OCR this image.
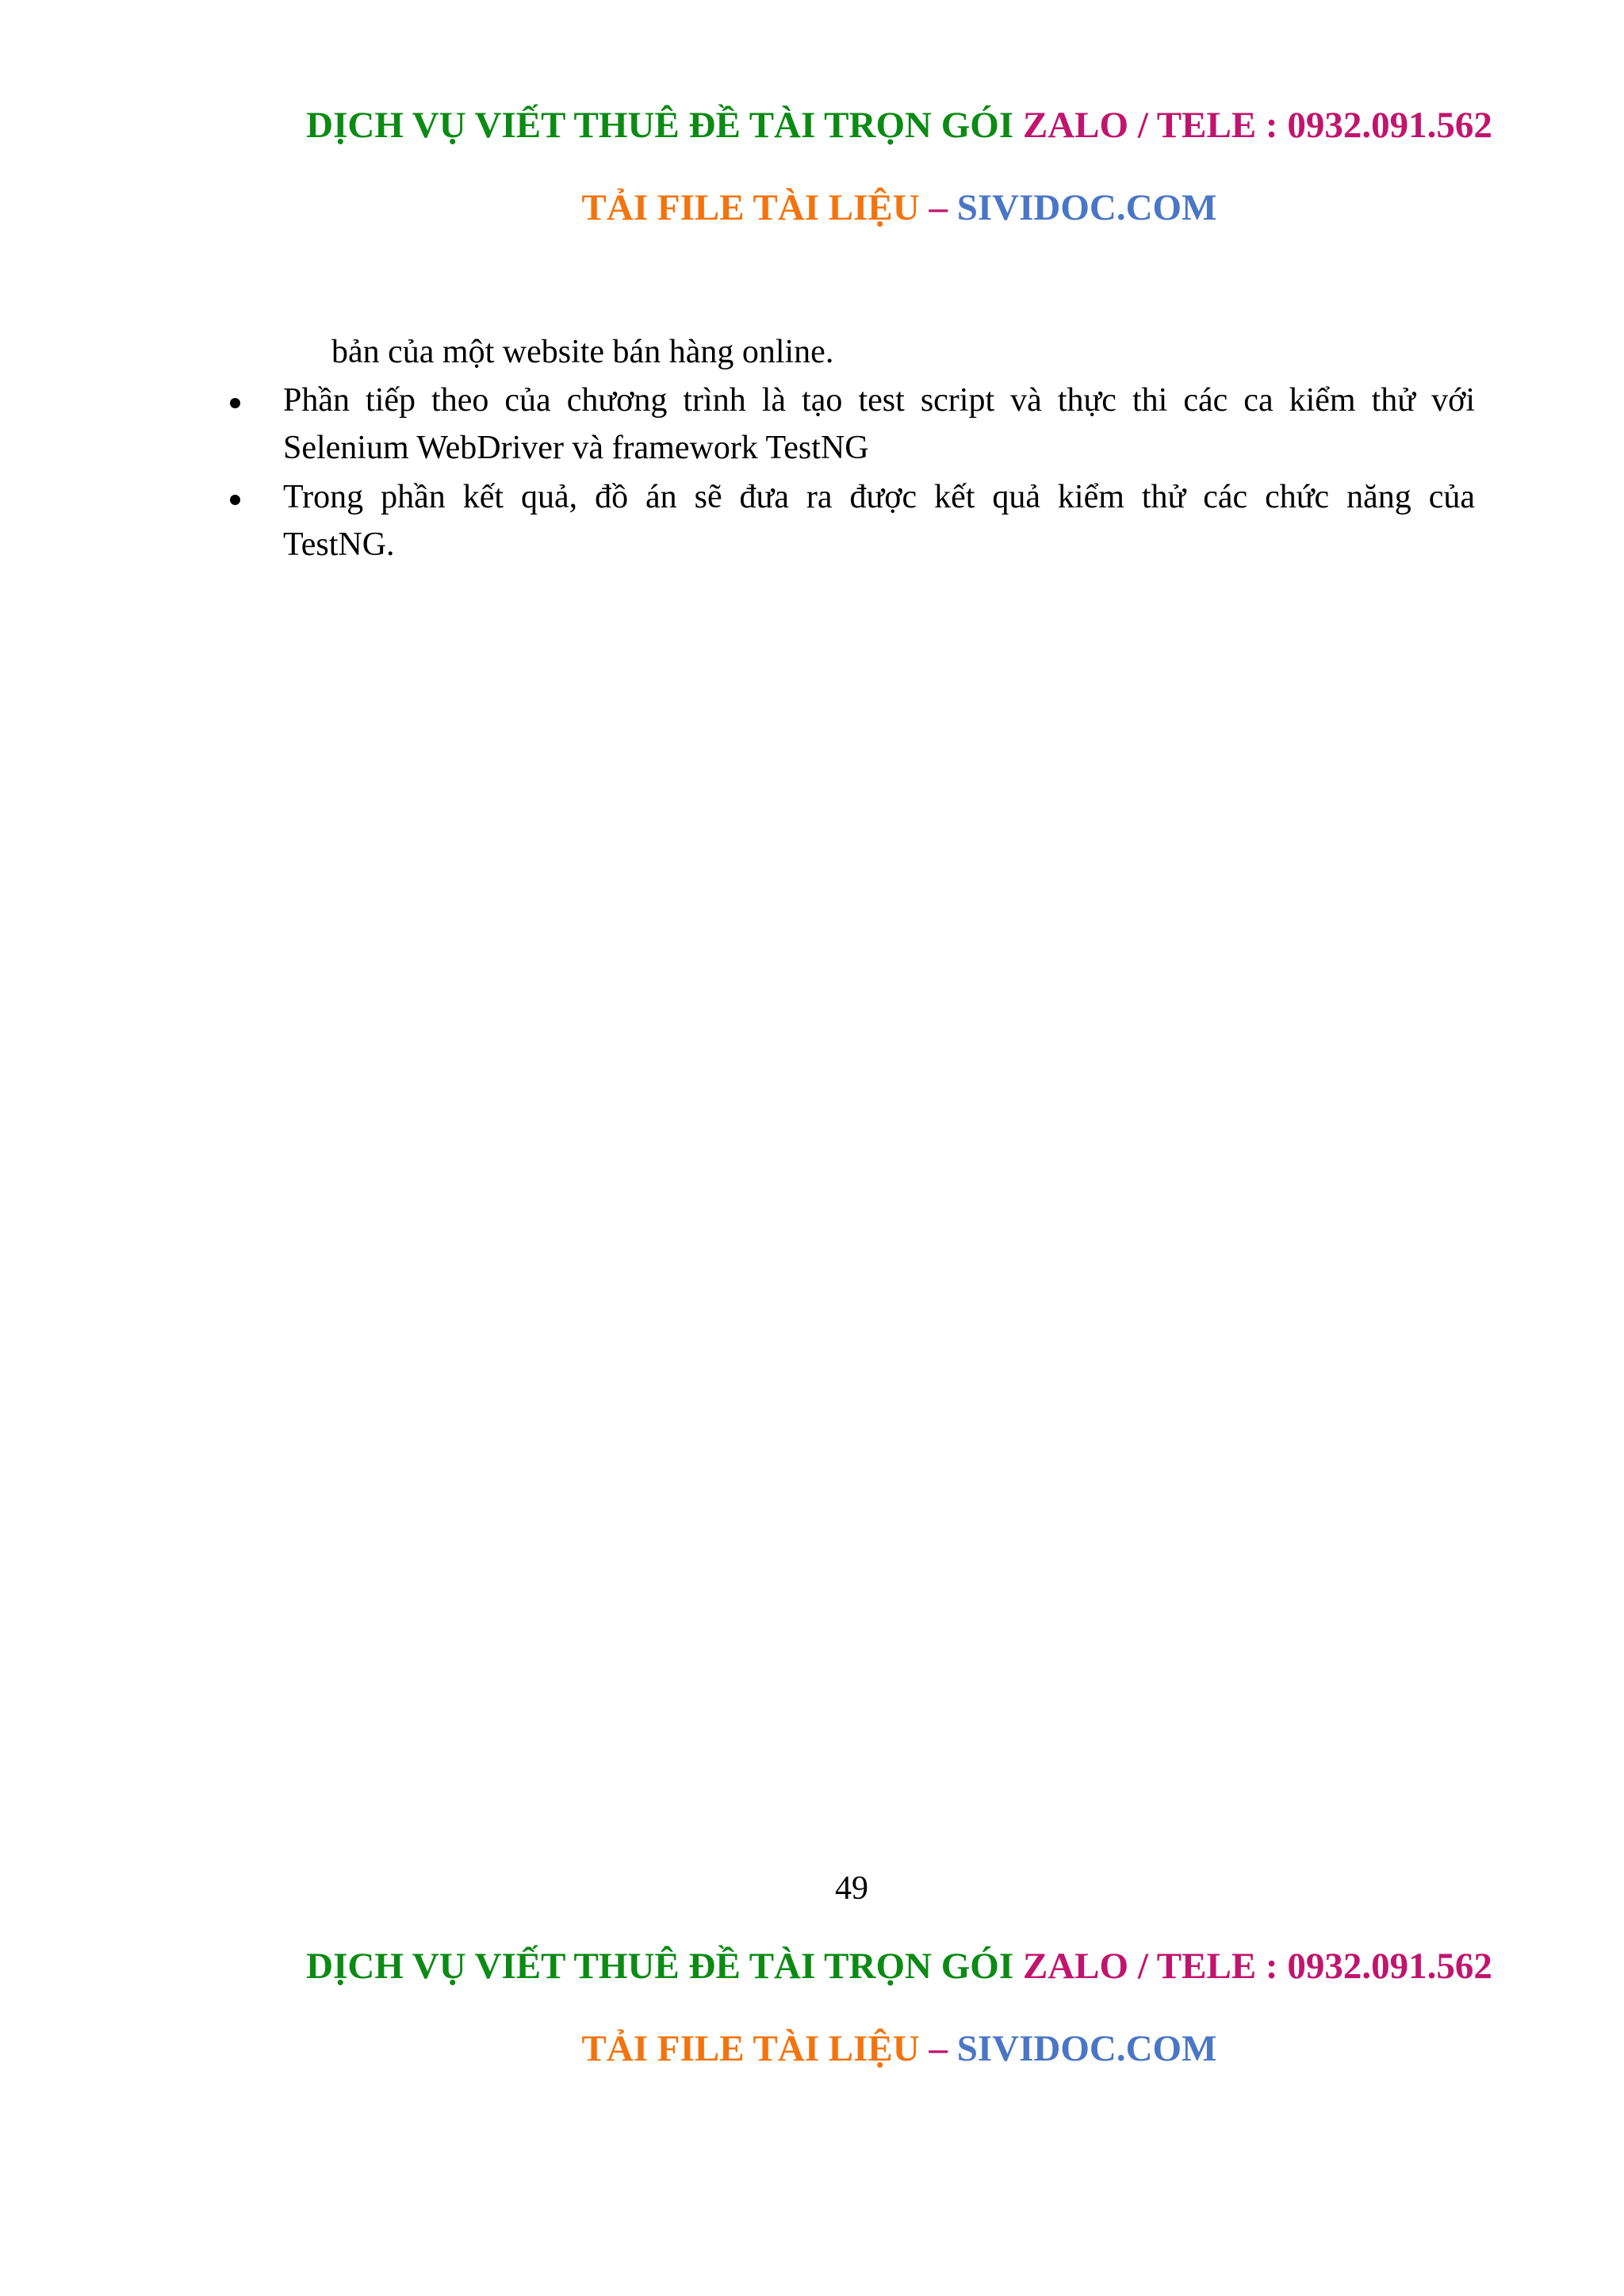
DỊCH VỤ VIẾT THUÊ ĐỀ TÀI TRỌN GÓI ZALO / TELE : 0932.091.562
TẢI FILE TÀI LIỆU – SIVIDOC.COM
bản của một website bán hàng online.
Phần tiếp theo của chương trình là tạo test script và thực thi các ca kiểm thử với
Selenium WebDriver và framework TestNG
Trong phần kết quả, đồ án sẽ đưa ra được kết quả kiểm thử các chức năng của
TestNG.
49
DỊCH VỤ VIẾT THUÊ ĐỀ TÀI TRỌN GÓI ZALO / TELE : 0932.091.562
TẢI FILE TÀI LIỆU – SIVIDOC.COM
